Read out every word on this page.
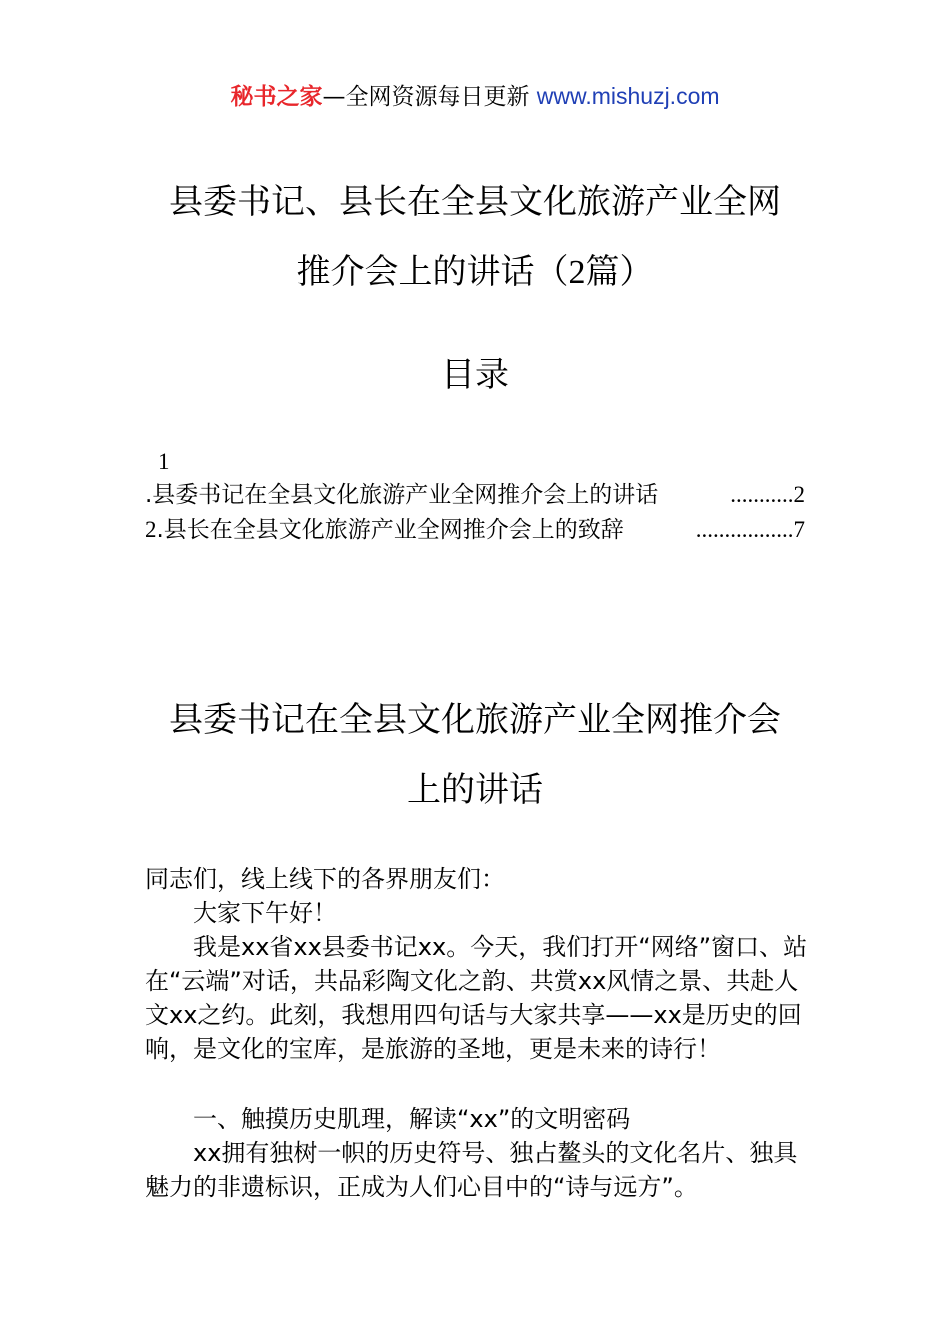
秘书之家—全网资源每日更新 www.mishuzj.com
县委书记、县长在全县文化旅游产业全网
推介会上的讲话（2篇）
目录
1
.县委书记在全县文化旅游产业全网推介会上的讲话	...........2
2.县长在全县文化旅游产业全网推介会上的致辞	.................7
县委书记在全县文化旅游产业全网推介会
上的讲话
同志们，线上线下的各界朋友们：
大家下午好！
我是xx省xx县委书记xx。今天，我们打开“网络”窗口、站在“云端”对话，共品彩陶文化之韵、共赏xx风情之景、共赴人文xx之约。此刻，我想用四句话与大家共享——xx是历史的回响，是文化的宝库，是旅游的圣地，更是未来的诗行！
一、触摸历史肌理，解读“xx”的文明密码
xx拥有独树一帜的历史符号、独占鳌头的文化名片、独具魅力的非遗标识，正成为人们心目中的“诗与远方”。
